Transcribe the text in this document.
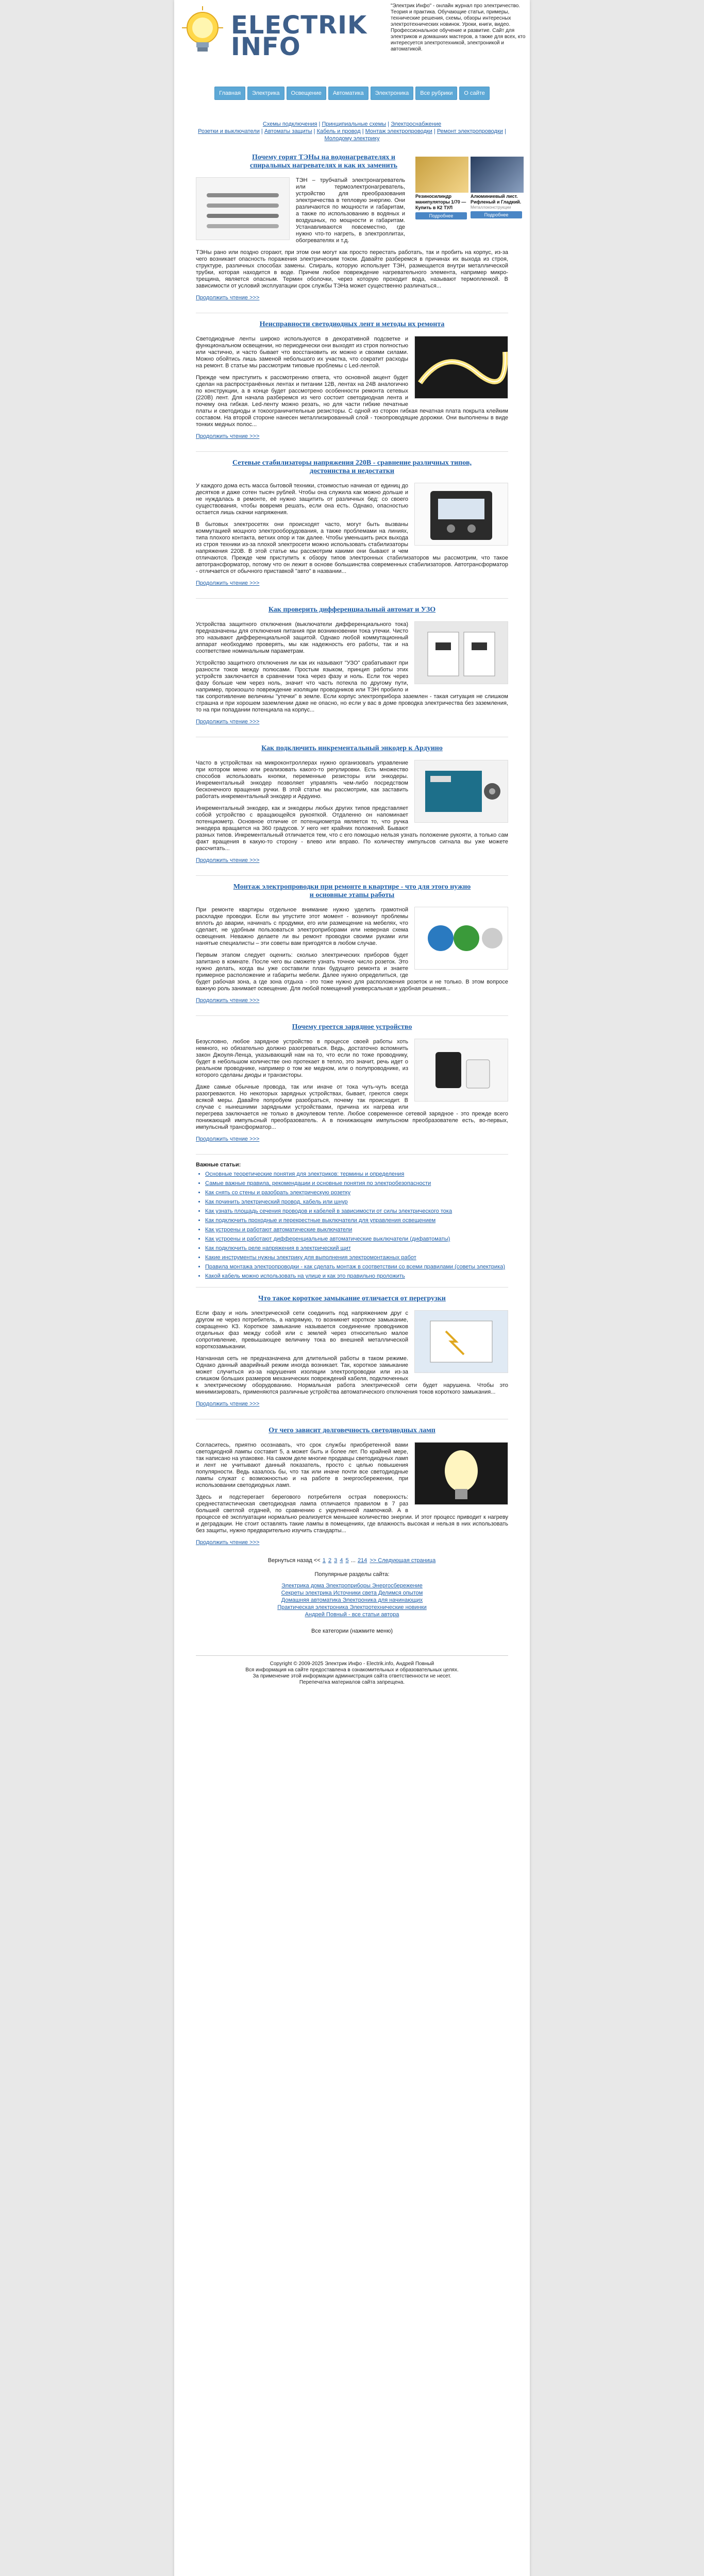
ELECTRIK
INFO
"Электрик Инфо" - онлайн журнал про электричество. Теория и практика. Обучающие статьи, примеры, технические решения, схемы, обзоры интересных электротехнических новинок. Уроки, книги, видео. Профессиональное обучение и развитие. Сайт для электриков и домашних мастеров, а также для всех, кто интересуется электротехникой, электроникой и автоматикой.
Главная	Электрика	Освещение	Автоматика	Электроника	Все рубрики	О сайте
Схемы подключения | Принципиальные схемы | Электроснабжение
Розетки и выключатели | Автоматы защиты | Кабель и провод | Монтаж электропроводки | Ремонт электропроводки | Молодому электрику
Почему горят ТЭНы на водонагревателях и спиральных нагревателях и как их заменить
Резиносилиндр манипуляторы 1/70 — Купить в К2 ТУЛ
Подробнее
Алюминиевый лист. Рифленый и Гладкий.
Металлоконструкции
Подробнее

ТЭН – трубчатый электронагреватель или термоэлектронагреватель, устройство для преобразования электричества в тепловую энергию. Они различаются по мощности и габаритам, а также по использованию в водяных и воздушных, по мощности и габаритам. Устанавливаются повсеместно, где нужно что-то нагреть, в электроплитах, обогревателях и т.д.

ТЭНы рано или поздно сгорают, при этом они могут как просто перестать работать, так и пробить на корпус, из-за чего возникает опасность поражения электрическим током. Давайте разберемся в причинах их выхода из строя, структуре, различных способах замены. Спираль, которую использует ТЭН, размещается внутри металлической трубки, которая находится в воде. Причем любое повреждение нагревательного элемента, например микро-трещина, является опасным. Термин оболочки, через которую проходит вода, называют термопленкой. В зависимости от условий эксплуатации срок службы ТЭНа может существенно различаться...

Продолжить чтение >>>
Неисправности светодиодных лент и методы их ремонта

Светодиодные ленты широко используются в декоративной подсветке и функциональном освещении, но периодически они выходят из строя полностью или частично, и часто бывает что восстановить их можно и своими силами. Можно обойтись лишь заменой небольшого их участка, что сократит расходы на ремонт. В статье мы рассмотрим типовые проблемы с Led-лентой.

Прежде чем приступить к рассмотрению ответа, что основной акцент будет сделан на распространённых лентах и питании 12В, лентах на 24В аналогично по конструкции, а в конце будет рассмотрено особенности ремонта сетевых (220В) лент. Для начала разберемся из чего состоит светодиодная лента и почему она гибкая. Led-ленту можно резать, но для части гибкие печатные платы и светодиоды и токоограничительные резисторы. С одной из сторон гибкая печатная плата покрыта клейким составом. На второй стороне нанесен металлизированный слой - токопроводящие дорожки. Они выполнены в виде тонких медных полос...

Продолжить чтение >>>
Сетевые стабилизаторы напряжения 220В - сравнение различных типов, достоинства и недостатки

У каждого дома есть масса бытовой техники, стоимостью начиная от единиц до десятков и даже сотен тысяч рублей. Чтобы она служила как можно дольше и не нуждалась в ремонте, её нужно защитить от различных бед: со своего существования, чтобы вовремя решать, если она есть. Однако, опасностью остается лишь скачки напряжения.

В бытовых электросетях они происходят часто, могут быть вызваны коммутацией мощного электрооборудования, а также проблемами на линиях, типа плохого контакта, ветхих опор и так далее. Чтобы уменьшить риск выхода из строя техники из-за плохой электросети можно использовать стабилизаторы напряжения 220В. В этой статье мы рассмотрим какими они бывают и чем отличаются. Прежде чем приступить к обзору типов электронных стабилизаторов мы рассмотрим, что такое автотрансформатор, потому что он лежит в основе большинства современных стабилизаторов. Автотрансформатор - отличается от обычного приставкой "авто" в названии...

Продолжить чтение >>>
Как проверить дифференциальный автомат и УЗО

Устройства защитного отключения (выключатели дифференциального тока) предназначены для отключения питания при возникновении тока утечки. Чисто это называют дифференциальной защитой. Однако любой коммутационный аппарат необходимо проверять, мы как надежность его работы, так и на соответствие номинальным параметрам.

Устройство защитного отключения ли как их называют "УЗО" срабатывают при разности токов между полюсами. Простым языком, принцип работы этих устройств заключается в сравнении тока через фазу и ноль. Если ток через фазу больше чем через ноль, значит что часть потекла по другому пути, например, произошло повреждение изоляции проводников или ТЭН пробило и так сопротивление величины "утечки" в земле. Если корпус электроприбора заземлен - такая ситуация не слишком страшна и при хорошем заземлении даже не опасно, но если у вас в доме проводка электричества без заземления, то на при попадании потенциала на корпус...

Продолжить чтение >>>
Как подключить инкрементальный энкодер к Ардуино

Часто в устройствах на микроконтроллерах нужно организовать управление при котором меню или реализовать какого-то регулировки. Есть множество способов использовать кнопки, переменные резисторы или энкодеры. Инкрементальный энкодер позволяет управлять чем-либо посредством бесконечного вращения ручки. В этой статье мы рассмотрим, как заставить работать инкрементальный энкодер и Ардуино.

Инкрементальный энкодер, как и энкодеры любых других типов представляет собой устройство с вращающейся рукояткой. Отдаленно он напоминает потенциометр. Основное отличие от потенциометра является то, что ручка энкодера вращается на 360 градусов. У него нет крайних положений. Бывают разных типов. Инкрементальный отличается тем, что с его помощью нельзя узнать положение рукояти, а только сам факт вращения в какую-то сторону - влево или вправо. По количеству импульсов сигнала вы уже можете рассчитать...

Продолжить чтение >>>
Монтаж электропроводки при ремонте в квартире - что для этого нужно и основные этапы работы

При ремонте квартиры отдельное внимание нужно уделить грамотной раскладке проводки. Если вы упустите этот момент - возникнут проблемы вплоть до аварии, начинать с продумки, его или размещение на мебелях, что сделает, не удобным пользоваться электроприборами или неверная схема освещения. Неважно делаете ли вы ремонт проводки своими руками или нанятые специалисты – эти советы вам пригодятся в любом случае.

Первым этапом следует оценить: сколько электрических приборов будет запитано в комнате. После чего вы сможете узнать точное число розеток. Это нужно делать, когда вы уже составили план будущего ремонта и знаете примерное расположение и габариты мебели. Далее нужно определиться, где будет рабочая зона, а где зона отдыха - это тоже нужно для расположения розеток и не только. В этом вопросе важную роль занимает освещение. Для любой помещений универсальная и удобная решения...

Продолжить чтение >>>
Почему греется зарядное устройство

Безусловно, любое зарядное устройство в процессе своей работы хоть немного, но обязательно должно разогреваться. Ведь, достаточно вспомнить закон Джоуля-Ленца, указывающий нам на то, что если по тоже проводнику, будет в небольшом количестве оно протекает в тепло, это значит, речь идет о реальном проводнике, например о том же медном, или о полупроводнике, из которого сделаны диоды и транзисторы.

Даже самые обычные провода, так или иначе от тока чуть-чуть всегда разогреваются. Но некоторых зарядных устройствах, бывает, греются сверх всякой меры. Давайте попробуем разобраться, почему так происходит. В случае с нынешними зарядными устройствами, причина их нагрева или перегрева заключается не только в джоулевом тепле. Любое современное сетевой зарядное - это прежде всего понижающий импульсный преобразователь. А в понижающем импульсном преобразователе есть, во-первых, импульсный трансформатор...

Продолжить чтение >>>
Важные статьи:
• Основные теоретические понятия для электриков: термины и определения
• Самые важные правила, рекомендации и основные понятия по электробезопасности
• Как снять со стены и разобрать электрическую розетку
• Как починить электрический провод, кабель или шнур
• Как узнать площадь сечения проводов и кабелей в зависимости от силы электрического тока
• Как подключить проходные и перекрестные выключатели для управления освещением
• Как устроены и работают автоматические выключатели
• Как устроены и работают дифференциальные автоматические выключатели (дифавтоматы)
• Как подключить реле напряжения в электрический щит
• Какие инструменты нужны электрику для выполнения электромонтажных работ
• Правила монтажа электропроводки - как сделать монтаж в соответствии со всеми правилами (советы электрика)
• Какой кабель можно использовать на улице и как это правильно проложить
Что такое короткое замыкание отличается от перегрузки

Если фазу и ноль электрической сети соединить под напряжением друг с другом не через потребитель, а напрямую, то возникнет короткое замыкание, сокращенно КЗ. Короткое замыкание называется соединение проводников отдельных фаз между собой или с землей через относительно малое сопротивление, превышающее величину тока во внешней металлической короткозамыкании.

Нагнанная сеть не предназначена для длительной работы в таком режиме. Однако данный аварийный режим иногда возникает. Так, короткое замыкание может случиться из-за нарушения изоляции электропроводки или из-за слишком больших размеров механических повреждений кабеля, подключенных к электрическому оборудованию. Нормальная работа электрической сети будет нарушена. Чтобы это минимизировать, применяются различные устройства автоматического отключения токов короткого замыкания...

Продолжить чтение >>>
От чего зависит долговечность светодиодных ламп

Согласитесь, приятно осознавать, что срок службы приобретенной вами светодиодной лампы составит 5, а может быть и более лет. По крайней мере, так написано на упаковке. На самом деле многие продавцы светодиодных ламп и лент не учитывают данный показатель, просто с целью повышения популярности. Ведь казалось бы, что так или иначе почти все светодиодные лампы служат с возможностью и на работе в энергосбережении, при использовании светодиодных ламп.

Здесь и подстерегает берегового потребителя острая поверхность: среднестатистическая светодиодная лампа отличается правилом в 7 раз большей светлой отдачей, по сравнению с укрупненной лампочкой. А в процессе её эксплуатации нормально реализуется меньшее количество энергии. И этот процесс приводит к нагреву и деградации. Не стоит оставлять такие лампы в помещениях, где влажность высокая и нельзя в них использовать без защиты, нужно предварительно изучить стандарты...

Продолжить чтение >>>
Вернуться назад << 1 2 3 4 5 ... 214 >> Следующая страница
Популярные разделы сайта:
Электрика дома Электроприборы Энергосбережение
Секреты электрика Источники света Делимся опытом
Домашняя автоматика Электроника для начинающих
Практическая электроника Электротехнические новинки
Андрей Повный - все статьи автора
Все категории (нажмите меню)
Copyright © 2009-2025 Электрик Инфо - Electrik.info, Андрей Повный
Вся информация на сайте предоставлена в ознакомительных и образовательных целях.
За применение этой информации администрация сайта ответственности не несет.
Перепечатка материалов сайта запрещена.
